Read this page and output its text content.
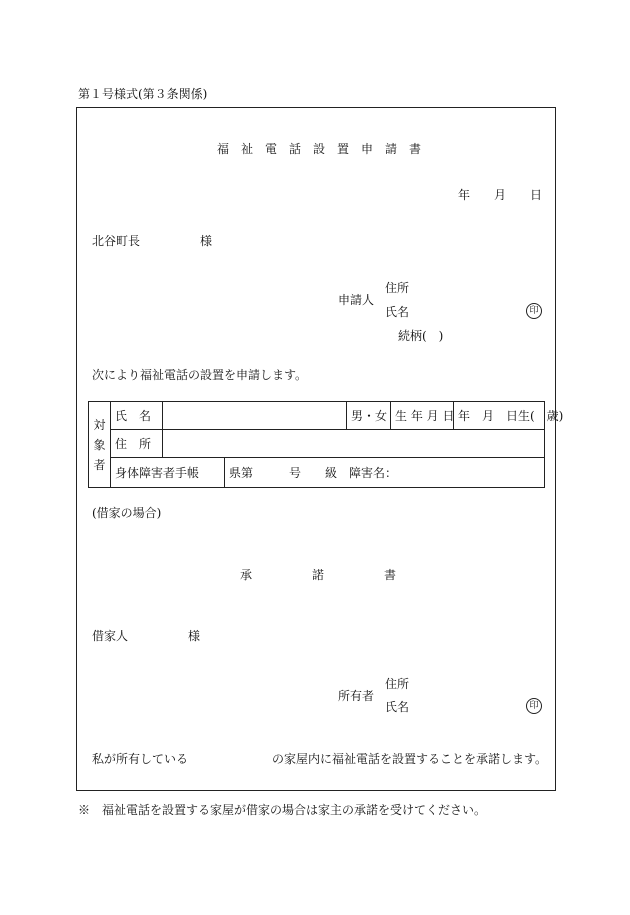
第１号様式(第３条関係)
福　祉　電　話　設　置　申　請　書
年　　月　　日
北谷町長　　　　　様
申請人
住所
氏名	印
続柄(　)
次により福祉電話の設置を申請します。
対
象
者	氏　名			男・女	生 年 月 日	年　月　日生(　歳)
	住　所					
	身体障害者手帳		県第　　　号　　級　障害名：			
(借家の場合)
承　　　　　諾　　　　　書
借家人　　　　　様
所有者
住所
氏名	印
私が所有している　　　　　　　の家屋内に福祉電話を設置することを承諾します。
※　福祉電話を設置する家屋が借家の場合は家主の承諾を受けてください。
